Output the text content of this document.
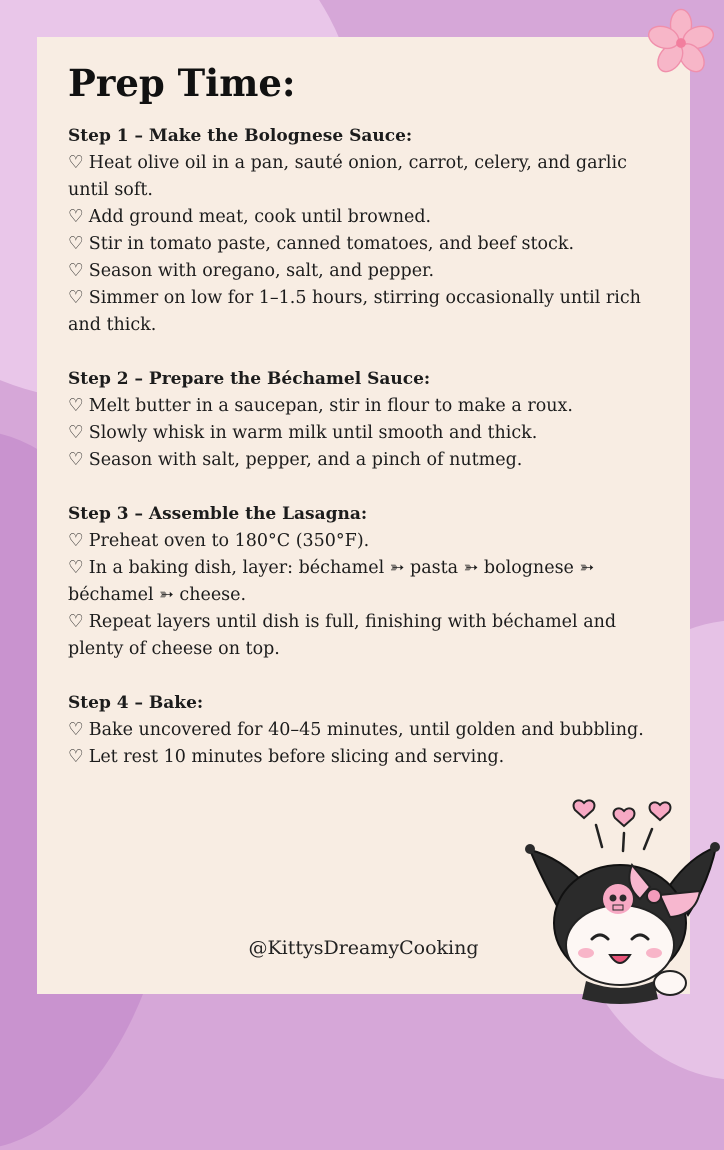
Prep Time:
Step 1 – Make the Bolognese Sauce:
♡ Heat olive oil in a pan, sauté onion, carrot, celery, and garlic until soft.
♡ Add ground meat, cook until browned.
♡ Stir in tomato paste, canned tomatoes, and beef stock.
♡ Season with oregano, salt, and pepper.
♡ Simmer on low for 1–1.5 hours, stirring occasionally until rich and thick.
Step 2 – Prepare the Béchamel Sauce:
♡ Melt butter in a saucepan, stir in flour to make a roux.
♡ Slowly whisk in warm milk until smooth and thick.
♡ Season with salt, pepper, and a pinch of nutmeg.
Step 3 – Assemble the Lasagna:
♡ Preheat oven to 180°C (350°F).
♡ In a baking dish, layer: béchamel ➳ pasta ➳ bolognese ➳ béchamel ➳ cheese.
♡ Repeat layers until dish is full, finishing with béchamel and plenty of cheese on top.
Step 4 – Bake:
♡ Bake uncovered for 40–45 minutes, until golden and bubbling.
♡ Let rest 10 minutes before slicing and serving.
@KittysDreamyCooking
